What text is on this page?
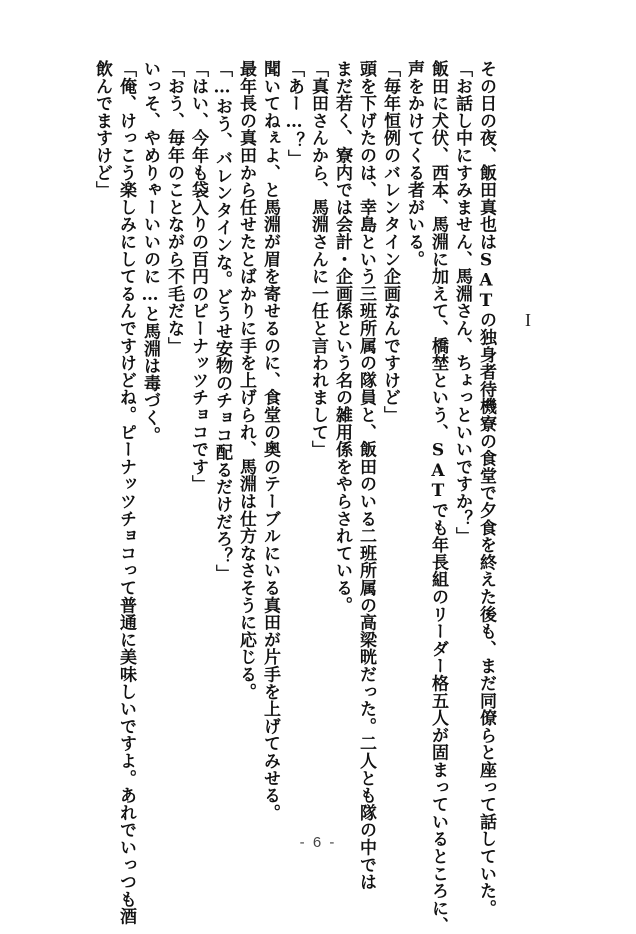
その日の夜、飯田真也はSATの独身者待機寮の食堂で夕食を終えた後も、まだ同僚らと座って話していた。
「お話し中にすみません、馬淵さん、ちょっといいですか？」
飯田に犬伏、西本、馬淵に加えて、橋埜という、SATでも年長組のリーダー格五人が固まっているところに、
声をかけてくる者がいる。
「毎年恒例のバレンタイン企画なんですけど」
頭を下げたのは、幸島という三班所属の隊員と、飯田のいる二班所属の高梁晄だった。二人とも隊の中では
まだ若く、寮内では会計・企画係という名の雑用係をやらされている。
「真田さんから、馬淵さんに一任と言われまして」
「あー…？」
聞いてねぇよ、と馬淵が眉を寄せるのに、食堂の奥のテーブルにいる真田が片手を上げてみせる。
最年長の真田から任せたとばかりに手を上げられ、馬淵は仕方なさそうに応じる。
「…おう、バレンタインな。どうせ安物のチョコ配るだけだろ？」
「はい、今年も袋入りの百円のピーナッツチョコです」
「おう、毎年のことながら不毛だな」
いっそ、やめりゃーいいのに…と馬淵は毒づく。
「俺、けっこう楽しみにしてるんですけどね。ピーナッツチョコって普通に美味しいですよ。あれでいっつも酒
飲んでますけど」
I
- 6 -
